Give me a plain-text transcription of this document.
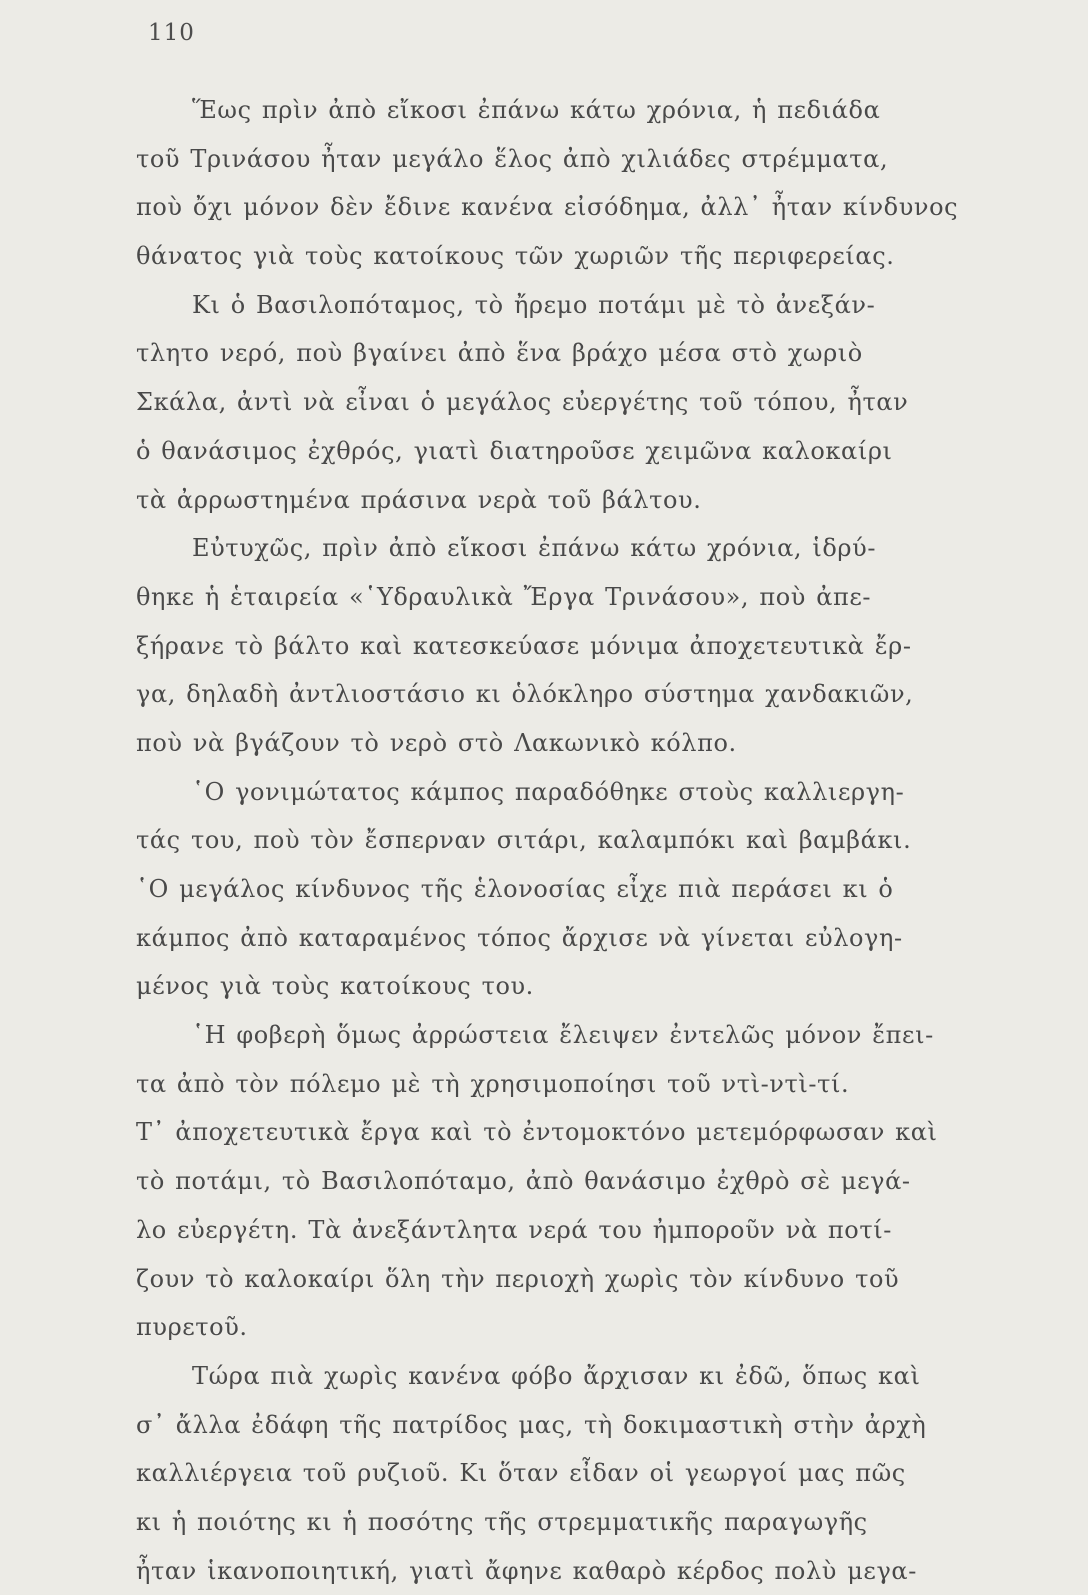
110
Ἕως πρὶν ἀπὸ εἴκοσι ἐπάνω κάτω χρόνια, ἡ πεδιάδα
τοῦ Τρινάσου ἦταν μεγάλο ἕλος ἀπὸ χιλιάδες στρέμματα,
ποὺ ὄχι μόνον δὲν ἔδινε κανένα εἰσόδημα, ἀλλ᾽ ἦταν κίνδυνος
θάνατος γιὰ τοὺς κατοίκους τῶν χωριῶν τῆς περιφερείας.
Κι ὁ Βασιλοπόταμος, τὸ ἤρεμο ποτάμι μὲ τὸ ἀνεξάν-
τλητο νερό, ποὺ βγαίνει ἀπὸ ἕνα βράχο μέσα στὸ χωριὸ
Σκάλα, ἀντὶ νὰ εἶναι ὁ μεγάλος εὐεργέτης τοῦ τόπου, ἦταν
ὁ θανάσιμος ἐχθρός, γιατὶ διατηροῦσε χειμῶνα καλοκαίρι
τὰ ἀρρωστημένα πράσινα νερὰ τοῦ βάλτου.
Εὐτυχῶς, πρὶν ἀπὸ εἴκοσι ἐπάνω κάτω χρόνια, ἱδρύ-
θηκε ἡ ἑταιρεία «῾Υδραυλικὰ Ἔργα Τρινάσου», ποὺ ἀπε-
ξήρανε τὸ βάλτο καὶ κατεσκεύασε μόνιμα ἀποχετευτικὰ ἔρ-
γα, δηλαδὴ ἀντλιοστάσιο κι ὁλόκληρο σύστημα χανδακιῶν,
ποὺ νὰ βγάζουν τὸ νερὸ στὸ Λακωνικὸ κόλπο.
῾Ο γονιμώτατος κάμπος παραδόθηκε στοὺς καλλιεργη-
τάς του, ποὺ τὸν ἔσπερναν σιτάρι, καλαμπόκι καὶ βαμβάκι.
῾Ο μεγάλος κίνδυνος τῆς ἑλονοσίας εἶχε πιὰ περάσει κι ὁ
κάμπος ἀπὸ καταραμένος τόπος ἄρχισε νὰ γίνεται εὐλογη-
μένος γιὰ τοὺς κατοίκους του.
῾Η φοβερὴ ὅμως ἀρρώστεια ἔλειψεν ἐντελῶς μόνον ἔπει-
τα ἀπὸ τὸν πόλεμο μὲ τὴ χρησιμοποίησι τοῦ ντὶ-ντὶ-τί.
Τ᾽ ἀποχετευτικὰ ἔργα καὶ τὸ ἐντομοκτόνο μετεμόρφωσαν καὶ
τὸ ποτάμι, τὸ Βασιλοπόταμο, ἀπὸ θανάσιμο ἐχθρὸ σὲ μεγά-
λο εὐεργέτη. Τὰ ἀνεξάντλητα νερά του ἠμποροῦν νὰ ποτί-
ζουν τὸ καλοκαίρι ὅλη τὴν περιοχὴ χωρὶς τὸν κίνδυνο τοῦ
πυρετοῦ.
Τώρα πιὰ χωρὶς κανένα φόβο ἄρχισαν κι ἐδῶ, ὅπως καὶ
σ᾽ ἄλλα ἐδάφη τῆς πατρίδος μας, τὴ δοκιμαστικὴ στὴν ἀρχὴ
καλλιέργεια τοῦ ρυζιοῦ. Κι ὅταν εἶδαν οἱ γεωργοί μας πῶς
κι ἡ ποιότης κι ἡ ποσότης τῆς στρεμματικῆς παραγωγῆς
ἦταν ἱκανοποιητική, γιατὶ ἄφηνε καθαρὸ κέρδος πολὺ μεγα-
